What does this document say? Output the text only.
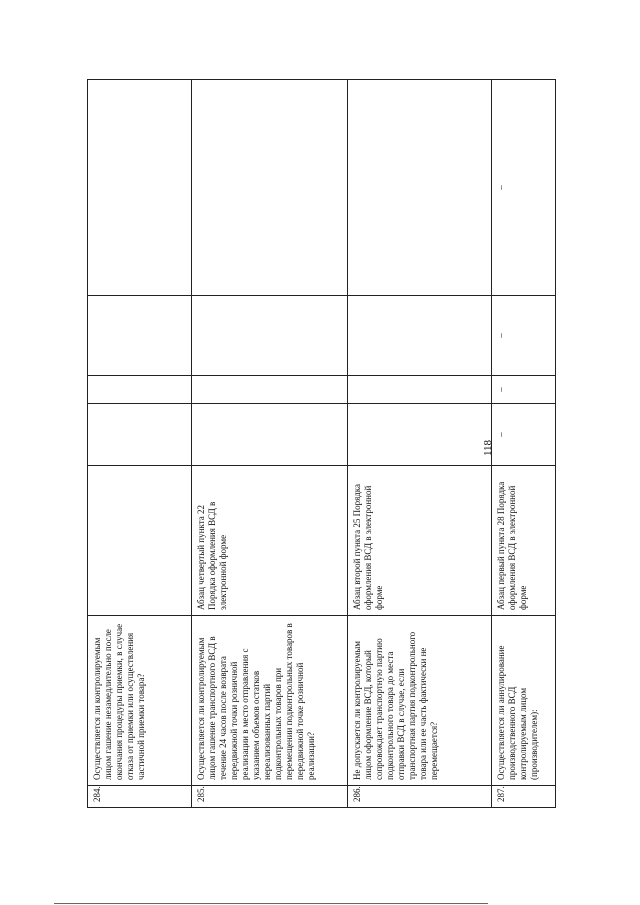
118
284.	Осуществляется ли контролируемым лицом гашение незамедлительно после окончания процедуры приемки, в случае отказа от приемки или осуществления частичной приемки товара?					
285.	Осуществляется ли контролируемым лицом гашение транспортного ВСД в течение 24 часов после возврата передвижной точки розничной реализации в место отправления с указанием объемов остатков нереализованных партий подконтрольных товаров при перемещении подконтрольных товаров в передвижной точке розничной реализации?	Абзац четвертый пункта 22 Порядка оформления ВСД в электронной форме				
286.	Не допускается ли контролируемым лицом оформление ВСД, который сопровождает транспортную партию подконтрольного товара до места отправки ВСД в случае, если транспортная партия подконтрольного товара или ее часть фактически не перемещается?	Абзац второй пункта 25 Порядка оформления ВСД в электронной форме				
287.	Осуществляется ли аннулирование производственного ВСД контролируемым лицом (производителем):	Абзац первый пункта 28 Порядка оформления ВСД в электронной форме	–	–	–	–
